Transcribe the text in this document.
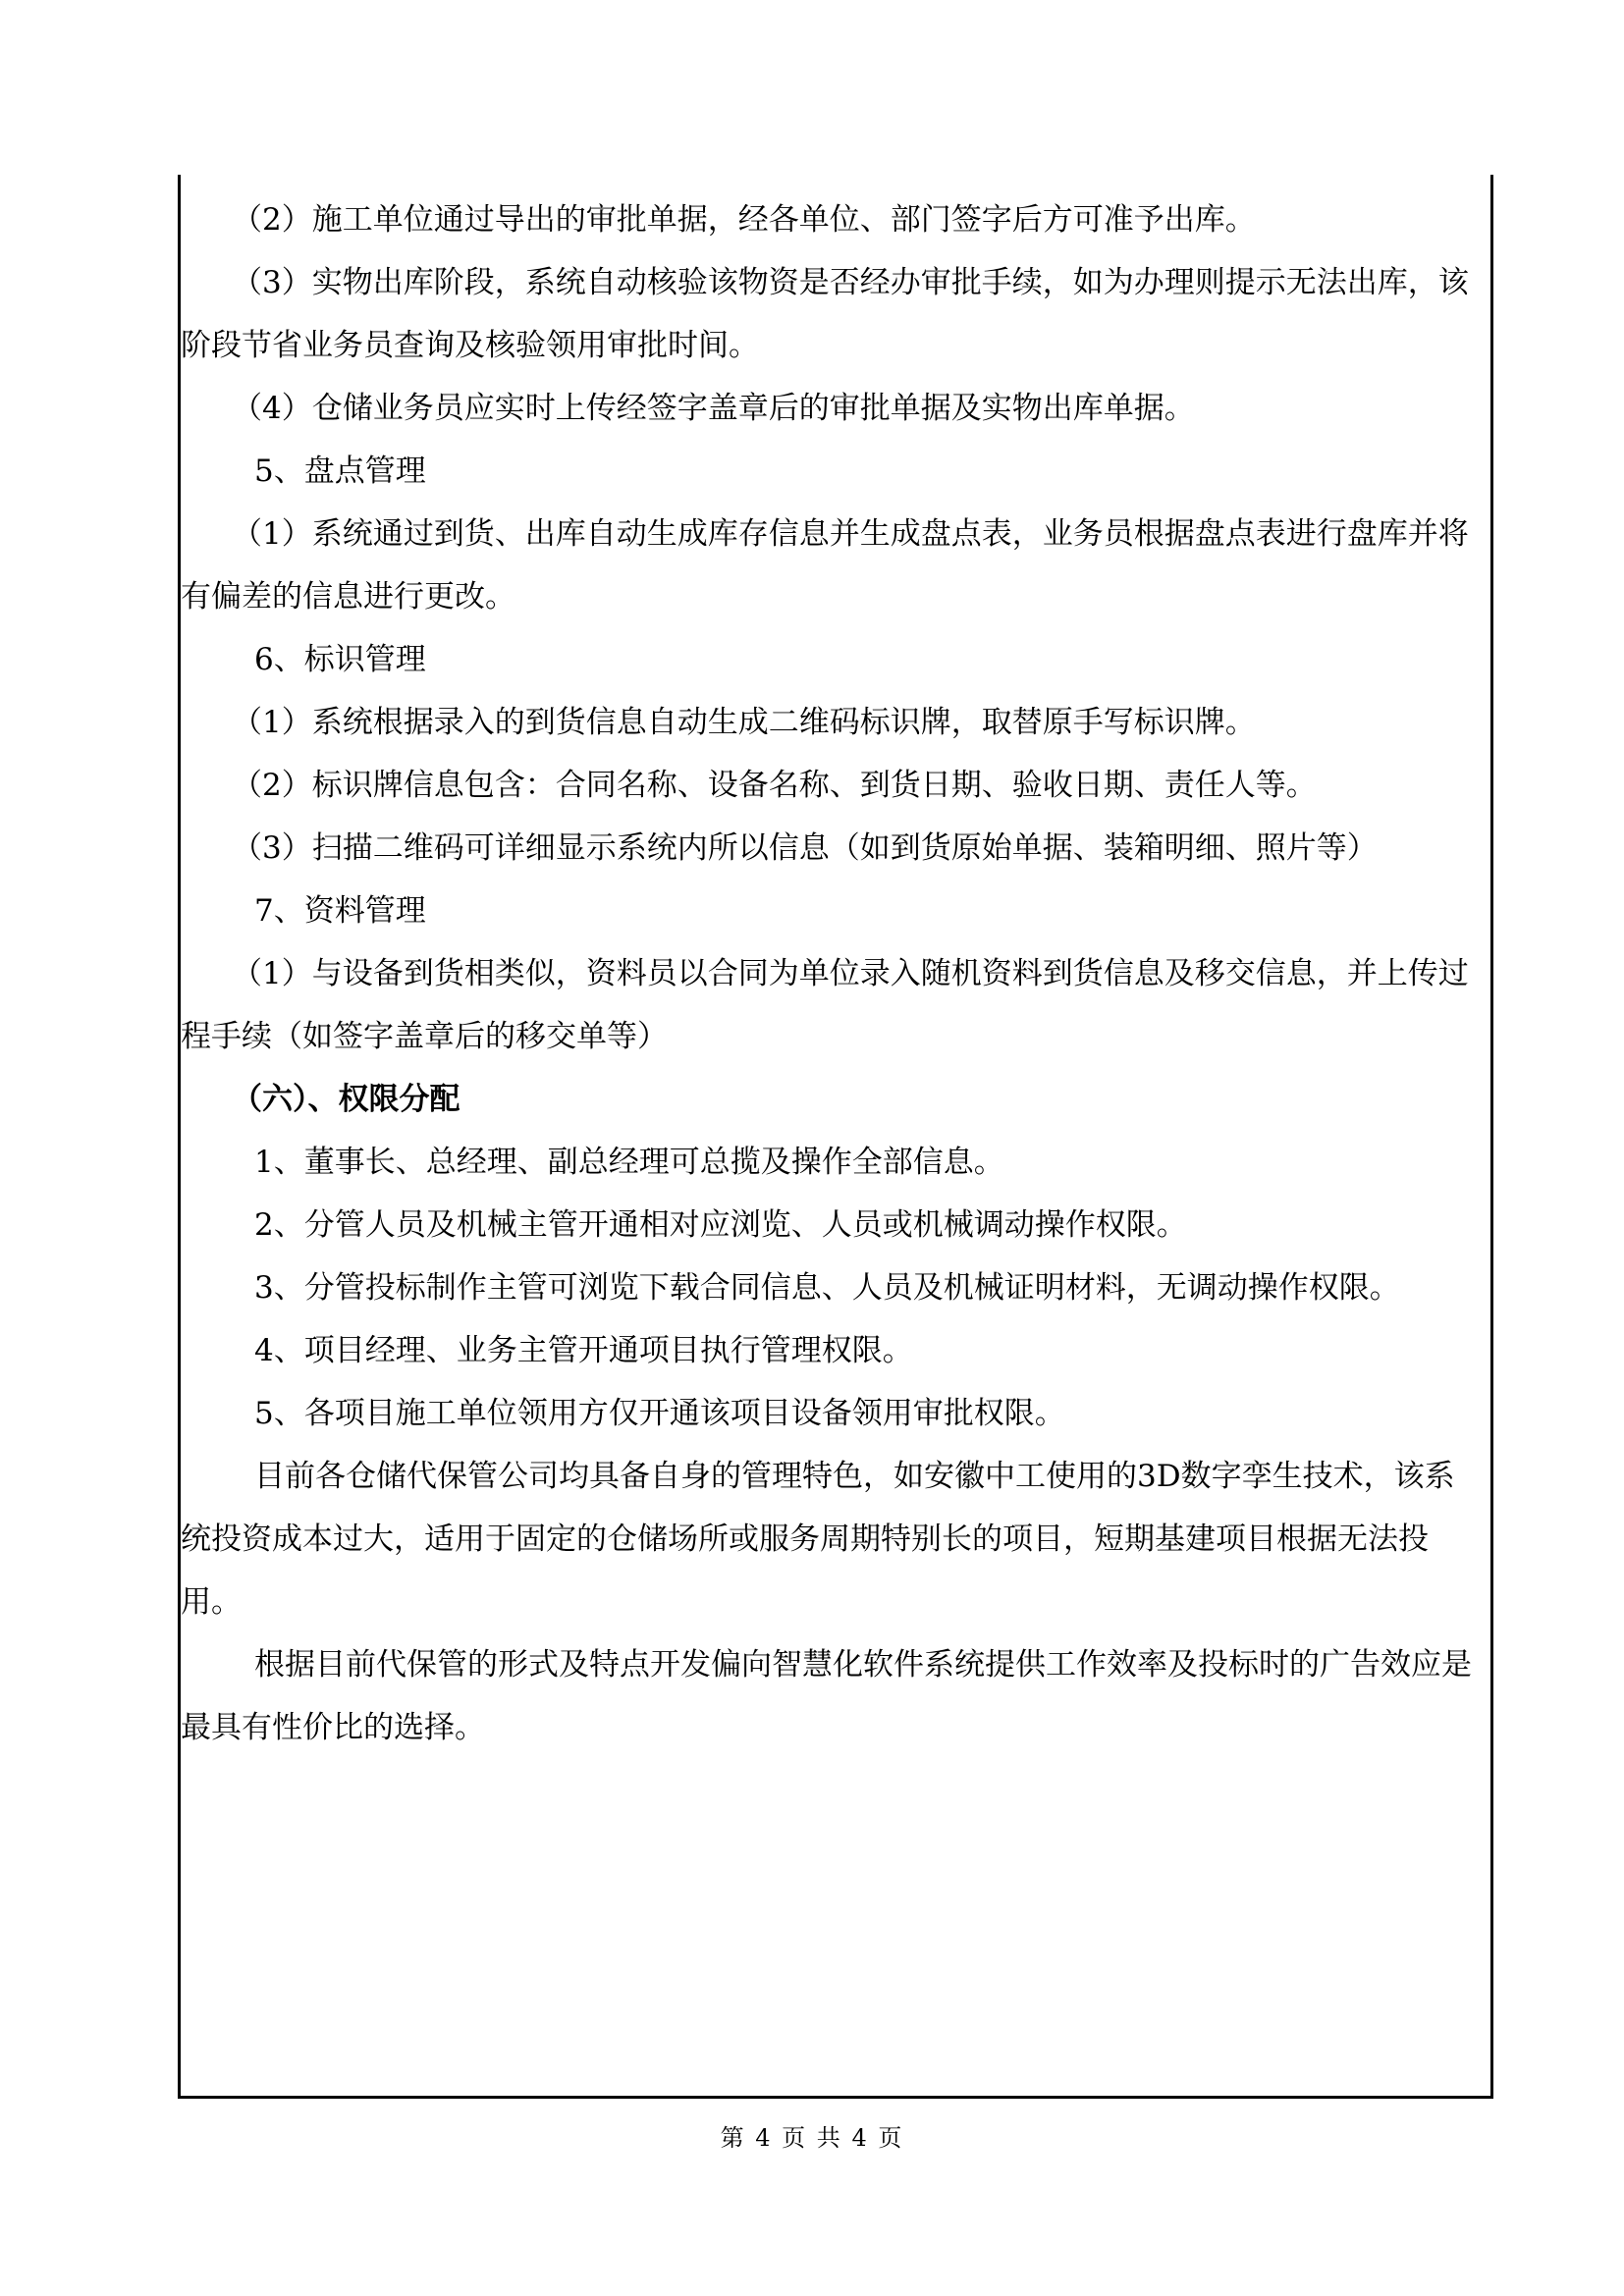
（2）施工单位通过导出的审批单据，经各单位、部门签字后方可准予出库。

（3）实物出库阶段，系统自动核验该物资是否经办审批手续，如为办理则提示无法出库，该阶段节省业务员查询及核验领用审批时间。

（4）仓储业务员应实时上传经签字盖章后的审批单据及实物出库单据。

5、盘点管理

（1）系统通过到货、出库自动生成库存信息并生成盘点表，业务员根据盘点表进行盘库并将有偏差的信息进行更改。

6、标识管理

（1）系统根据录入的到货信息自动生成二维码标识牌，取替原手写标识牌。

（2）标识牌信息包含：合同名称、设备名称、到货日期、验收日期、责任人等。

（3）扫描二维码可详细显示系统内所以信息（如到货原始单据、装箱明细、照片等）

7、资料管理

（1）与设备到货相类似，资料员以合同为单位录入随机资料到货信息及移交信息，并上传过程手续（如签字盖章后的移交单等）

（六）、权限分配

1、董事长、总经理、副总经理可总揽及操作全部信息。

2、分管人员及机械主管开通相对应浏览、人员或机械调动操作权限。

3、分管投标制作主管可浏览下载合同信息、人员及机械证明材料，无调动操作权限。

4、项目经理、业务主管开通项目执行管理权限。

5、各项目施工单位领用方仅开通该项目设备领用审批权限。

目前各仓储代保管公司均具备自身的管理特色，如安徽中工使用的3D数字孪生技术，该系统投资成本过大，适用于固定的仓储场所或服务周期特别长的项目，短期基建项目根据无法投用。

根据目前代保管的形式及特点开发偏向智慧化软件系统提供工作效率及投标时的广告效应是最具有性价比的选择。

第 4 页 共 4 页
